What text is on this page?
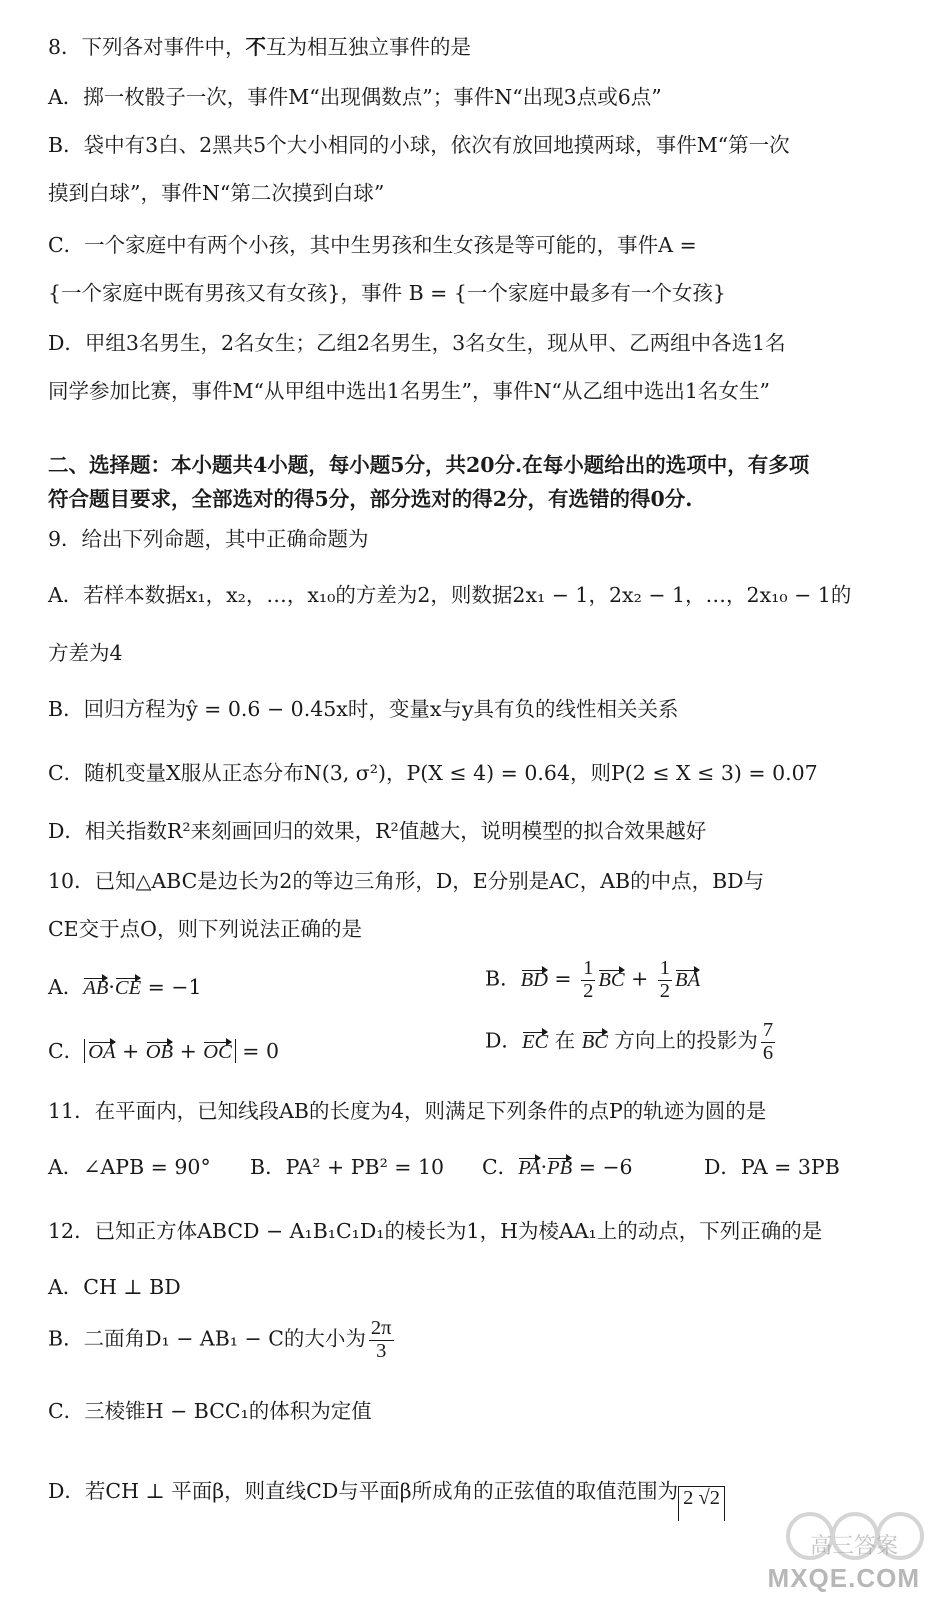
8．下列各对事件中，不互为相互独立事件的是
A．掷一枚骰子一次，事件M“出现偶数点”；事件N“出现3点或6点”
B．袋中有3白、2黑共5个大小相同的小球，依次有放回地摸两球，事件M“第一次
摸到白球”，事件N“第二次摸到白球”
C．一个家庭中有两个小孩，其中生男孩和生女孩是等可能的，事件A =
{一个家庭中既有男孩又有女孩}，事件 B = {一个家庭中最多有一个女孩}
D．甲组3名男生，2名女生；乙组2名男生，3名女生，现从甲、乙两组中各选1名
同学参加比赛，事件M“从甲组中选出1名男生”，事件N“从乙组中选出1名女生”
二、选择题：本小题共4小题，每小题5分，共20分.在每小题给出的选项中，有多项
符合题目要求，全部选对的得5分，部分选对的得2分，有选错的得0分.
9．给出下列命题，其中正确命题为
A．若样本数据x₁，x₂，…，x₁₀的方差为2，则数据2x₁ − 1，2x₂ − 1，…，2x₁₀ − 1的
方差为4
B．回归方程为ŷ = 0.6 − 0.45x时，变量x与y具有负的线性相关关系
C．随机变量X服从正态分布N(3, σ²)，P(X ≤ 4) = 0.64，则P(2 ≤ X ≤ 3) = 0.07
D．相关指数R²来刻画回归的效果，R²值越大，说明模型的拟合效果越好
10．已知△ABC是边长为2的等边三角形，D，E分别是AC，AB的中点，BD与
CE交于点O，则下列说法正确的是
A．AB·CE = −1	B．BD = $\frac{1}{2}$ BC + $\frac{1}{2}$ BA
C． OA + OB + OC = 0	D．EC 在 BC 方向上的投影为 $\frac{7}{6}$
11．在平面内，已知线段AB的长度为4，则满足下列条件的点P的轨迹为圆的是
A．∠APB = 90° B．PA² + PB² = 10 C．PA·PB = −6	D．PA = 3PB
12．已知正方体ABCD − A₁B₁C₁D₁的棱长为1，H为棱AA₁上的动点，下列正确的是
A．CH ⊥ BD
B．二面角D₁ − AB₁ − C的大小为 $\frac{2\pi}{3}$
C．三棱锥H − BCC₁的体积为定值
D．若CH ⊥ 平面β，则直线CD与平面β所成角的正弦值的取值范围为 2 √2
高三答案
MXQE.COM
